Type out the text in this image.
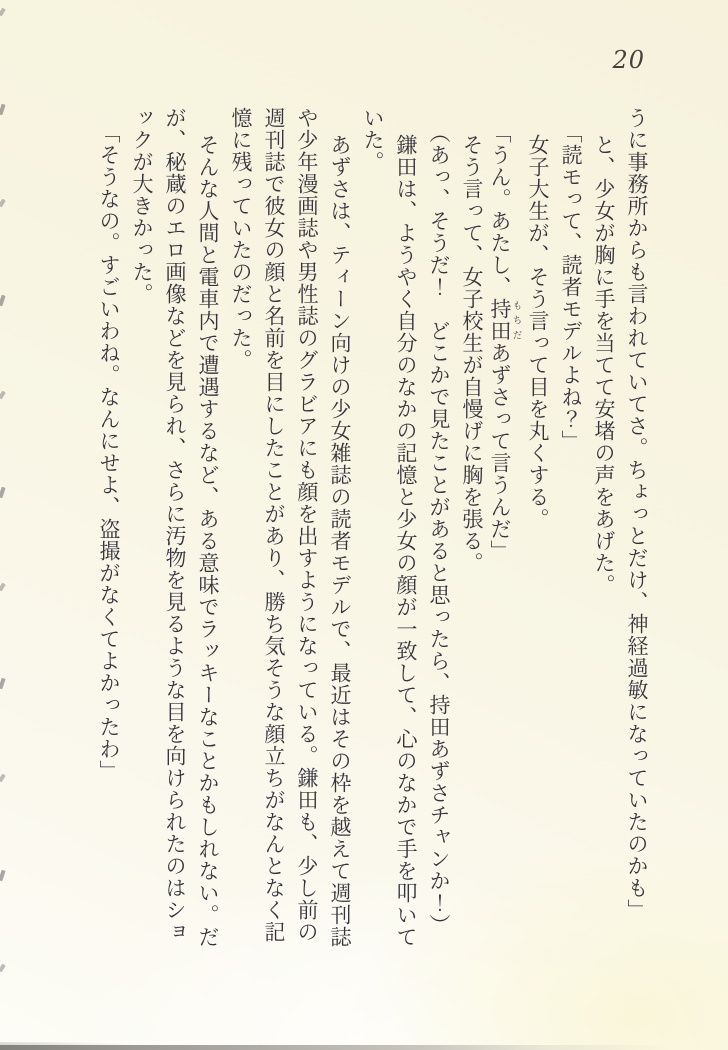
20

うに事務所からも言われていてさ。ちょっとだけ、神経過敏になっていたのかも」

と、少女が胸に手を当てて安堵の声をあげた。

「読モって、読者モデルよね？」

女子大生が、そう言って目を丸くする。

「うん。あたし、持田もちだあずさって言うんだ」

そう言って、女子校生が自慢げに胸を張る。

（あっ、そうだ！　どこかで見たことがあると思ったら、持田あずさチャンか！）

鎌田は、ようやく自分のなかの記憶と少女の顔が一致して、心のなかで手を叩いて

いた。

あずさは、ティーン向けの少女雑誌の読者モデルで、最近はその枠を越えて週刊誌

や少年漫画誌や男性誌のグラビアにも顔を出すようになっている。鎌田も、少し前の

週刊誌で彼女の顔と名前を目にしたことがあり、勝ち気そうな顔立ちがなんとなく記

憶に残っていたのだった。

そんな人間と電車内で遭遇するなど、ある意味でラッキーなことかもしれない。だ

が、秘蔵のエロ画像などを見られ、さらに汚物を見るような目を向けられたのはショ

ックが大きかった。

「そうなの。すごいわね。なんにせよ、盗撮がなくてよかったわ」
